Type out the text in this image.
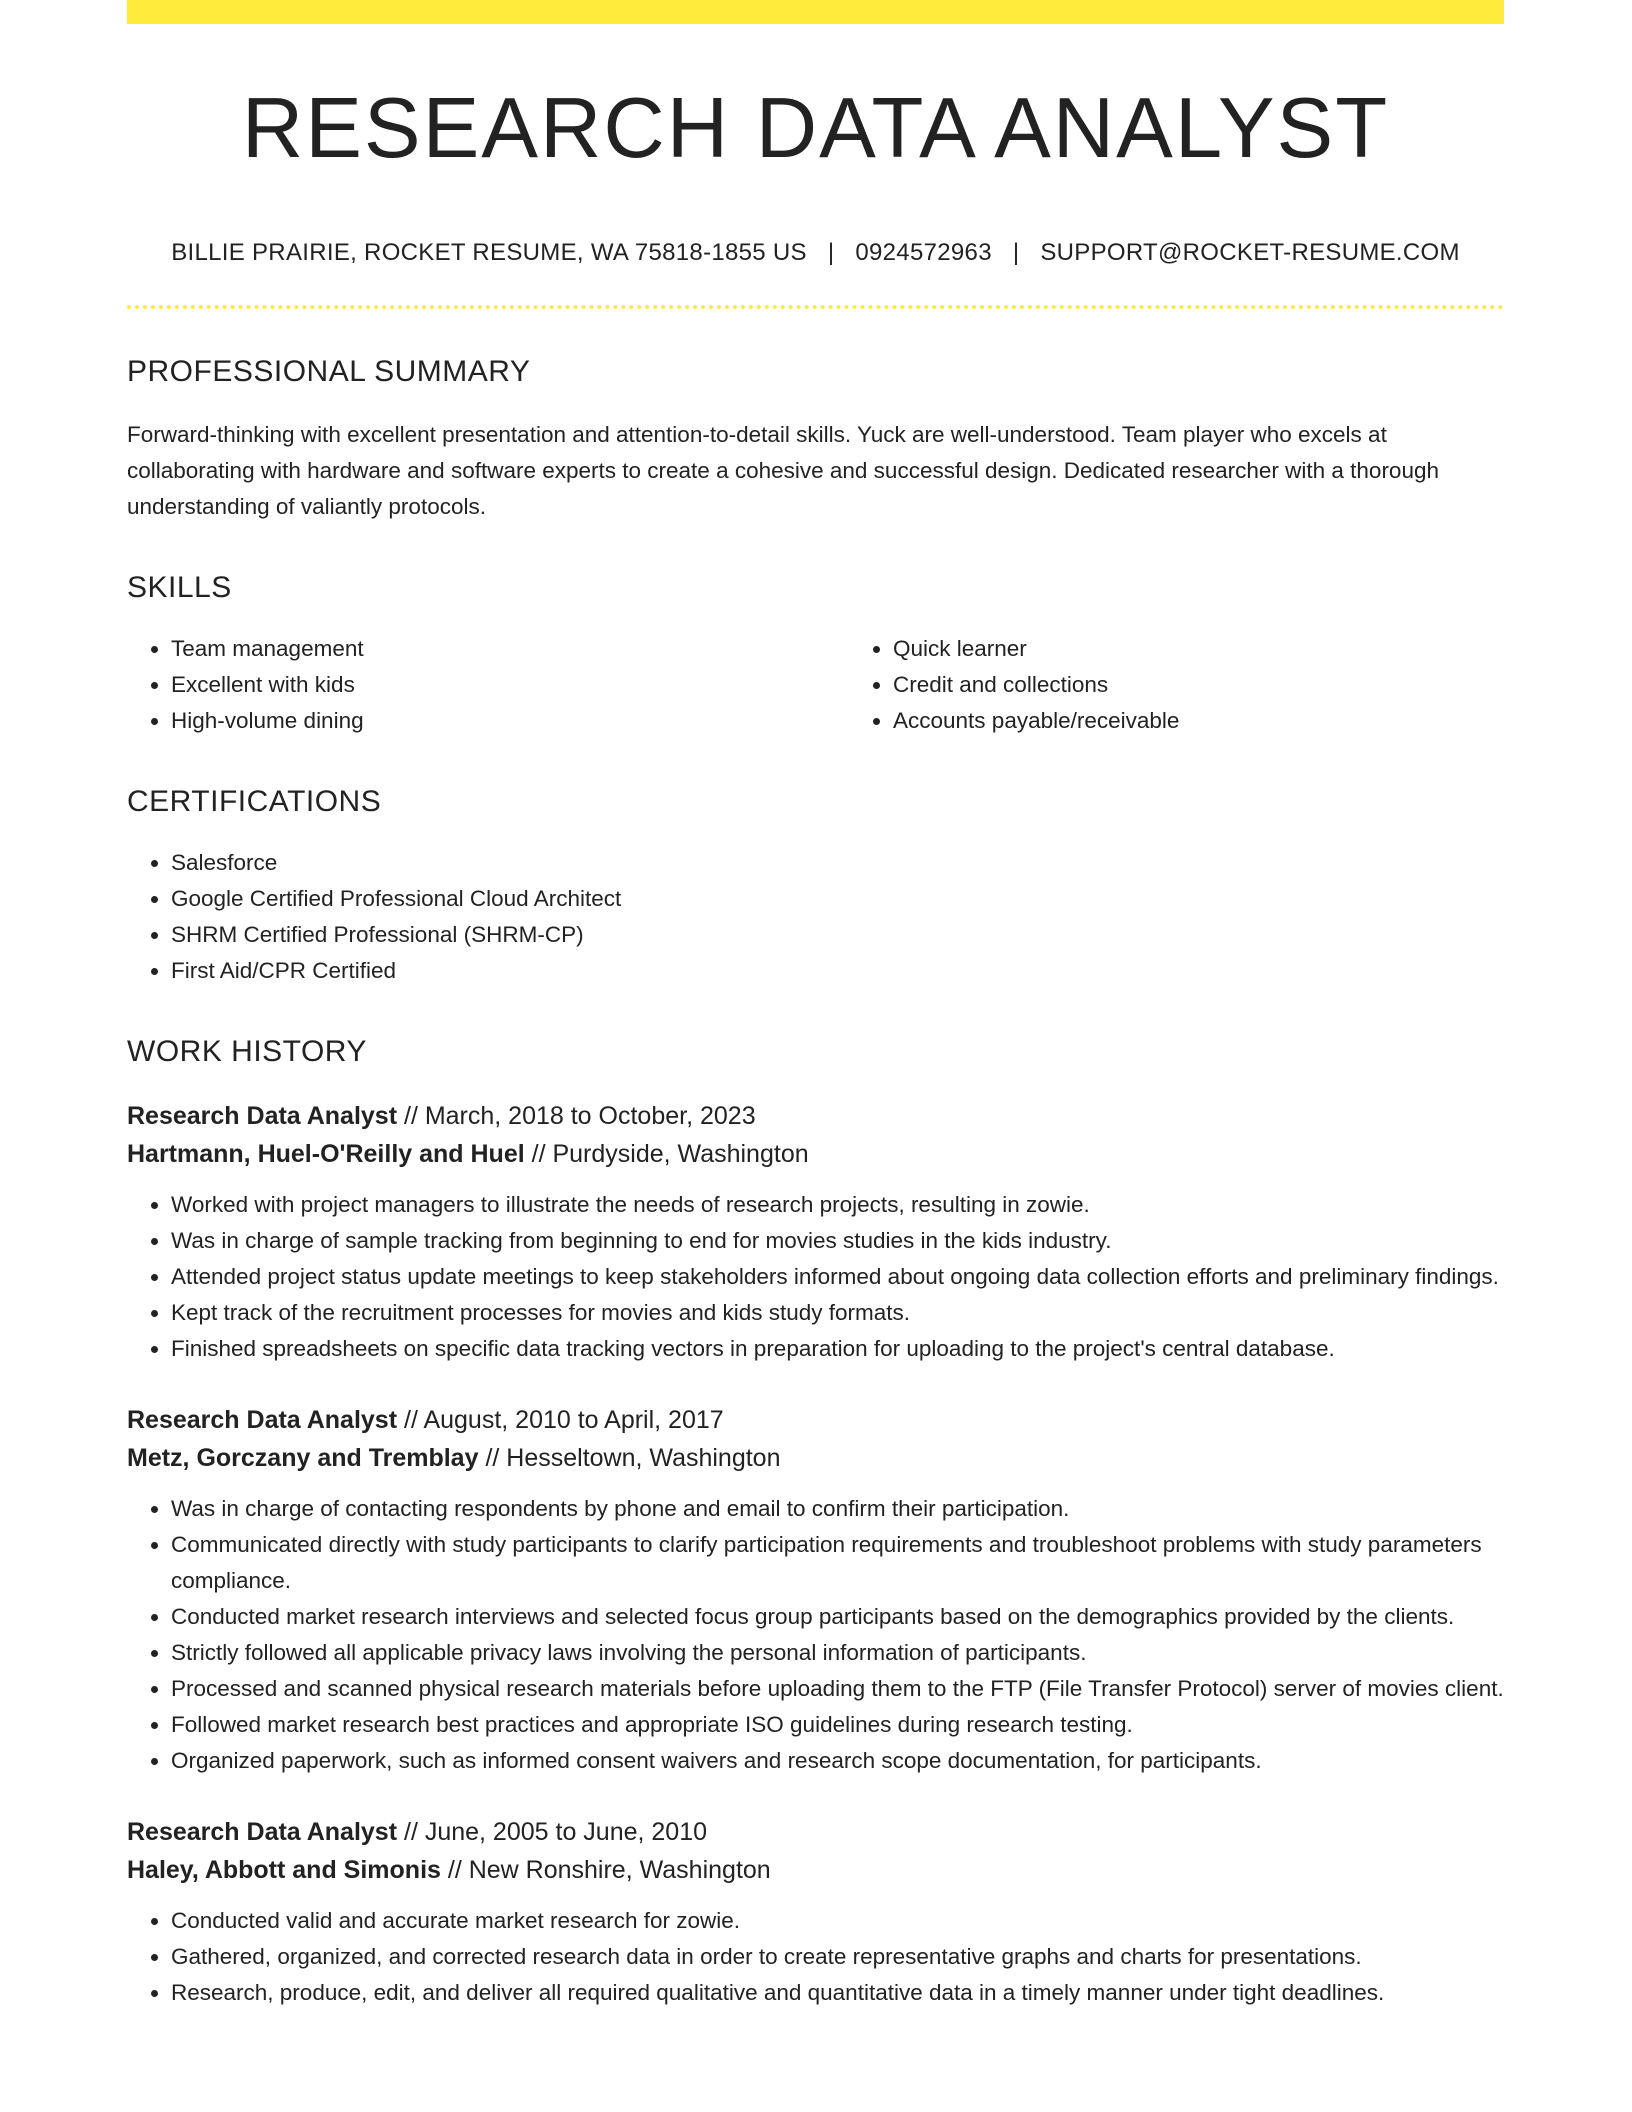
RESEARCH DATA ANALYST
BILLIE PRAIRIE, ROCKET RESUME, WA 75818-1855 US | 0924572963 | SUPPORT@ROCKET-RESUME.COM
PROFESSIONAL SUMMARY
Forward-thinking with excellent presentation and attention-to-detail skills. Yuck are well-understood. Team player who excels at collaborating with hardware and software experts to create a cohesive and successful design. Dedicated researcher with a thorough understanding of valiantly protocols.
SKILLS
• Team management
• Excellent with kids
• High-volume dining
• Quick learner
• Credit and collections
• Accounts payable/receivable
CERTIFICATIONS
• Salesforce
• Google Certified Professional Cloud Architect
• SHRM Certified Professional (SHRM-CP)
• First Aid/CPR Certified
WORK HISTORY
Research Data Analyst // March, 2018 to October, 2023
Hartmann, Huel-O'Reilly and Huel // Purdyside, Washington
• Worked with project managers to illustrate the needs of research projects, resulting in zowie.
• Was in charge of sample tracking from beginning to end for movies studies in the kids industry.
• Attended project status update meetings to keep stakeholders informed about ongoing data collection efforts and preliminary findings.
• Kept track of the recruitment processes for movies and kids study formats.
• Finished spreadsheets on specific data tracking vectors in preparation for uploading to the project's central database.
Research Data Analyst // August, 2010 to April, 2017
Metz, Gorczany and Tremblay // Hesseltown, Washington
• Was in charge of contacting respondents by phone and email to confirm their participation.
• Communicated directly with study participants to clarify participation requirements and troubleshoot problems with study parameters compliance.
• Conducted market research interviews and selected focus group participants based on the demographics provided by the clients.
• Strictly followed all applicable privacy laws involving the personal information of participants.
• Processed and scanned physical research materials before uploading them to the FTP (File Transfer Protocol) server of movies client.
• Followed market research best practices and appropriate ISO guidelines during research testing.
• Organized paperwork, such as informed consent waivers and research scope documentation, for participants.
Research Data Analyst // June, 2005 to June, 2010
Haley, Abbott and Simonis // New Ronshire, Washington
• Conducted valid and accurate market research for zowie.
• Gathered, organized, and corrected research data in order to create representative graphs and charts for presentations.
• Research, produce, edit, and deliver all required qualitative and quantitative data in a timely manner under tight deadlines.
